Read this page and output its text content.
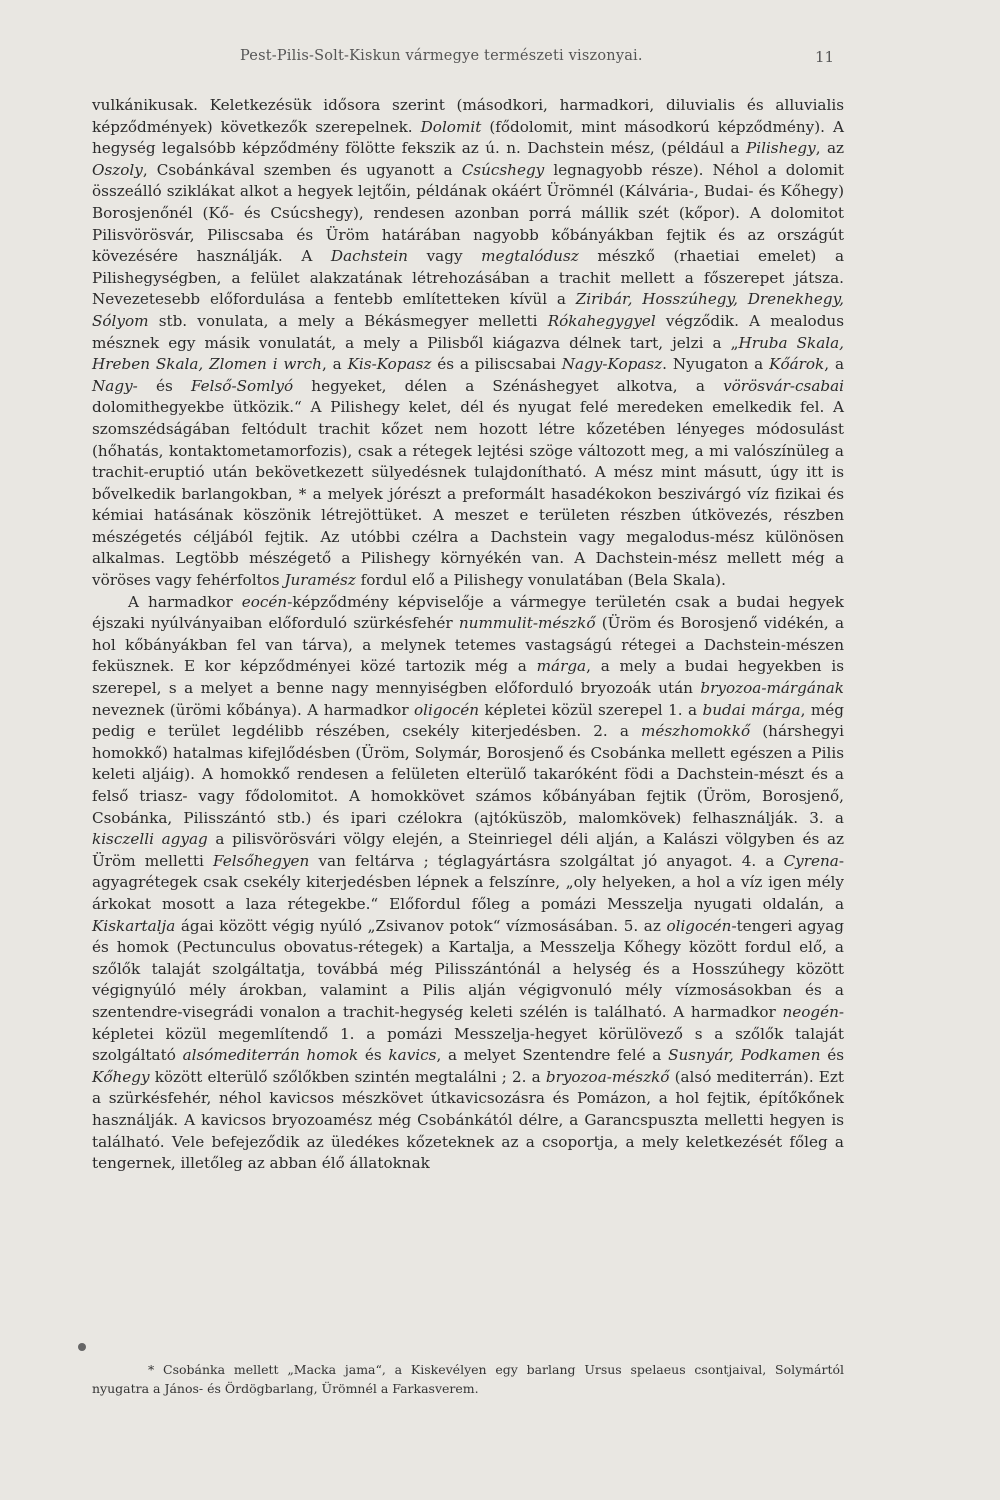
Pest-Pilis-Solt-Kiskun vármegye természeti viszonyai.	11

vulkánikusak. Keletkezésük idősora szerint (másodkori, harmadkori, diluvialis és alluvialis képződmények) következők szerepelnek. Dolomit (fődolomit, mint másodkorú képződmény). A hegység legalsóbb képződmény fölötte fekszik az ú. n. Dachstein mész, (például a Pilishegy, az Oszoly, Csobánkával szemben és ugyanott a Csúcshegy legnagyobb része). Néhol a dolomit összeálló sziklákat alkot a hegyek lejtőin, példának okáért Ürömnél (Kálvária-, Budai- és Kőhegy) Borosjenőnél (Kő- és Csúcshegy), rendesen azonban porrá mállik szét (kőpor). A dolomitot Pilisvörösvár, Piliscsaba és Üröm határában nagyobb kőbányákban fejtik és az országút kövezésére használják. A Dachstein vagy megtalódusz mészkő (rhaetiai emelet) a Pilishegységben, a felület alakzatának létrehozásában a trachit mellett a főszerepet játsza. Nevezetesebb előfordulása a fentebb említetteken kívül a Ziribár, Hosszúhegy, Drenekhegy, Sólyom stb. vonulata, a mely a Békásmegyer melletti Rókahegygyel végződik. A mealodus mésznek egy másik vonulatát, a mely a Pilisből kiágazva délnek tart, jelzi a „Hruba Skala, Hreben Skala, Zlomen i wrch, a Kis-Kopasz és a piliscsabai Nagy-Kopasz. Nyugaton a Kőárok, a Nagy- és Felső-Somlyó hegyeket, délen a Szénáshegyet alkotva, a vörösvár-csabai dolomithegyekbe ütközik.“ A Pilishegy kelet, dél és nyugat felé meredeken emelkedik fel. A szomszédságában feltódult trachit kőzet nem hozott létre kőzetében lényeges módosulást (hőhatás, kontaktometamorfozis), csak a rétegek lejtési szöge változott meg, a mi valószínüleg a trachit-eruptió után bekövetkezett sülyedésnek tulajdonítható. A mész mint másutt, úgy itt is bővelkedik barlangokban, * a melyek jórészt a preformált hasadékokon beszivárgó víz fizikai és kémiai hatásának köszönik létrejöttüket. A meszet e területen részben útkövezés, részben mészégetés céljából fejtik. Az utóbbi czélra a Dachstein vagy megalodus-mész különösen alkalmas. Legtöbb mészégető a Pilishegy környékén van. A Dachstein-mész mellett még a vöröses vagy fehérfoltos Juramész fordul elő a Pilishegy vonulatában (Bela Skala).

A harmadkor eocén-képződmény képviselője a vármegye területén csak a budai hegyek éjszaki nyúlványaiban előforduló szürkésfehér nummulit-mészkő (Üröm és Borosjenő vidékén, a hol kőbányákban fel van tárva), a melynek tetemes vastagságú rétegei a Dachstein-mészen feküsznek. E kor képződményei közé tartozik még a márga, a mely a budai hegyekben is szerepel, s a melyet a benne nagy mennyiségben előforduló bryozoák után bryozoa-márgának neveznek (ürömi kőbánya). A harmadkor oligocén képletei közül szerepel 1. a budai márga, még pedig e terület legdélibb részében, csekély kiterjedésben. 2. a mészhomokkő (hárshegyi homokkő) hatalmas kifejlődésben (Üröm, Solymár, Borosjenő és Csobánka mellett egészen a Pilis keleti aljáig). A homokkő rendesen a felületen elterülő takaróként födi a Dachstein-mészt és a felső triasz- vagy fődolomitot. A homokkövet számos kőbányában fejtik (Üröm, Borosjenő, Csobánka, Pilisszántó stb.) és ipari czélokra (ajtóküszöb, malomkövek) felhasználják. 3. a kisczelli agyag a pilisvörösvári völgy elején, a Steinriegel déli alján, a Kalászi völgyben és az Üröm melletti Felsőhegyen van feltárva ; téglagyártásra szolgáltat jó anyagot. 4. a Cyrena-agyagrétegek csak csekély kiterjedésben lépnek a felszínre, „oly helyeken, a hol a víz igen mély árkokat mosott a laza rétegekbe.“ Előfordul főleg a pomázi Messzelja nyugati oldalán, a Kiskartalja ágai között végig nyúló „Zsivanov potok“ vízmosásában. 5. az oligocén-tengeri agyag és homok (Pectunculus obovatus-rétegek) a Kartalja, a Messzelja Kőhegy között fordul elő, a szőlők talaját szolgáltatja, továbbá még Pilisszántónál a helység és a Hosszúhegy között végignyúló mély árokban, valamint a Pilis alján végigvonuló mély vízmosásokban és a szentendre-visegrádi vonalon a trachit-hegység keleti szélén is található. A harmadkor neogén-képletei közül megemlítendő 1. a pomázi Messzelja-hegyet körülövező s a szőlők talaját szolgáltató alsómediterrán homok és kavics, a melyet Szentendre felé a Susnyár, Podkamen és Kőhegy között elterülő szőlőkben szintén megtalálni ; 2. a bryozoa-mészkő (alsó mediterrán). Ezt a szürkésfehér, néhol kavicsos mészkövet útkavicsozásra és Pomázon, a hol fejtik, építőkőnek használják. A kavicsos bryozoamész még Csobánkától délre, a Garancspuszta melletti hegyen is található. Vele befejeződik az üledékes kőzeteknek az a csoportja, a mely keletkezését főleg a tengernek, illetőleg az abban élő állatoknak

* Csobánka mellett „Macka jama“, a Kiskevélyen egy barlang Ursus spelaeus csontjaival, Solymártól nyugatra a János- és Ördögbarlang, Ürömnél a Farkasverem.
